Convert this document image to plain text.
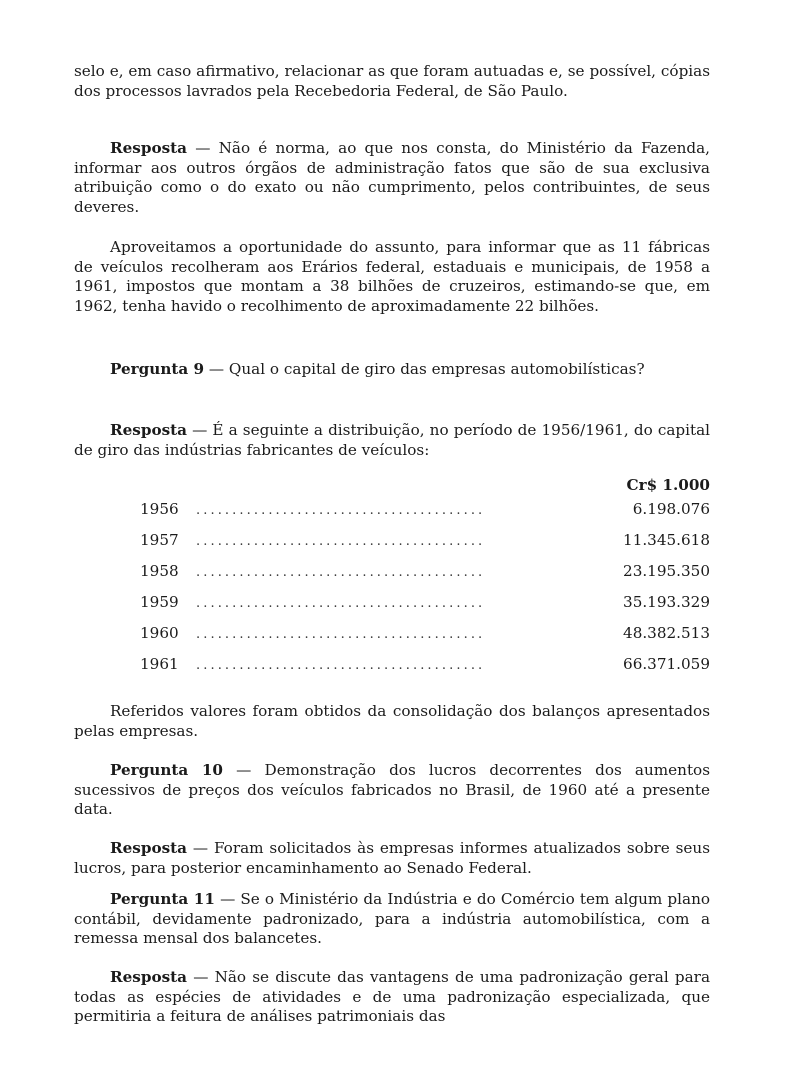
selo e, em caso afirmativo, relacionar as que foram autuadas e, se possível, cópias dos processos lavrados pela Recebedoria Federal, de São Paulo.

Resposta — Não é norma, ao que nos consta, do Ministério da Fazenda, informar aos outros órgãos de administração fatos que são de sua exclusiva atribuição como o do exato ou não cumprimento, pelos contribuintes, de seus deveres.

Aproveitamos a oportunidade do assunto, para informar que as 11 fábricas de veículos recolheram aos Erários federal, estaduais e municipais, de 1958 a 1961, impostos que montam a 38 bilhões de cruzeiros, estimando-se que, em 1962, tenha havido o recolhimento de aproximadamente 22 bilhões.

Pergunta 9 — Qual o capital de giro das empresas automobilísticas?

Resposta — É a seguinte a distribuição, no período de 1956/1961, do capital de giro das indústrias fabricantes de veículos:

Cr$ 1.000
1956	........................................	6.198.076
1957	........................................	11.345.618
1958	........................................	23.195.350
1959	........................................	35.193.329
1960	........................................	48.382.513
1961	........................................	66.371.059

Referidos valores foram obtidos da consolidação dos balanços apresentados pelas empresas.

Pergunta 10 — Demonstração dos lucros decorrentes dos aumentos sucessivos de preços dos veículos fabricados no Brasil, de 1960 até a presente data.

Resposta — Foram solicitados às empresas informes atualizados sobre seus lucros, para posterior encaminhamento ao Senado Federal.

Pergunta 11 — Se o Ministério da Indústria e do Comércio tem algum plano contábil, devidamente padronizado, para a indústria automobilística, com a remessa mensal dos balancetes.

Resposta — Não se discute das vantagens de uma padronização geral para todas as espécies de atividades e de uma padronização especializada, que permitiria a feitura de análises patrimoniais das
